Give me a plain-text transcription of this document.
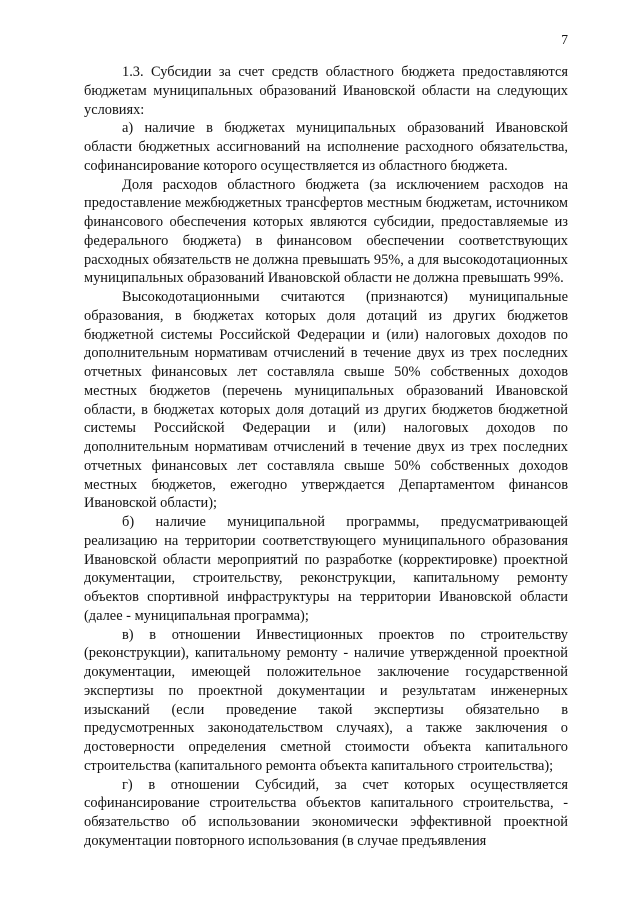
7

1.3. Субсидии за счет средств областного бюджета предоставляются бюджетам муниципальных образований Ивановской области на следующих условиях:

а) наличие в бюджетах муниципальных образований Ивановской области бюджетных ассигнований на исполнение расходного обязательства, софинансирование которого осуществляется из областного бюджета.

Доля расходов областного бюджета (за исключением расходов на предоставление межбюджетных трансфертов местным бюджетам, источником финансового обеспечения которых являются субсидии, предоставляемые из федерального бюджета) в финансовом обеспечении соответствующих расходных обязательств не должна превышать 95%, а для высокодотационных муниципальных образований Ивановской области не должна превышать 99%.

Высокодотационными считаются (признаются) муниципальные образования, в бюджетах которых доля дотаций из других бюджетов бюджетной системы Российской Федерации и (или) налоговых доходов по дополнительным нормативам отчислений в течение двух из трех последних отчетных финансовых лет составляла свыше 50% собственных доходов местных бюджетов (перечень муниципальных образований Ивановской области, в бюджетах которых доля дотаций из других бюджетов бюджетной системы Российской Федерации и (или) налоговых доходов по дополнительным нормативам отчислений в течение двух из трех последних отчетных финансовых лет составляла свыше 50% собственных доходов местных бюджетов, ежегодно утверждается Департаментом финансов Ивановской области);

б) наличие муниципальной программы, предусматривающей реализацию на территории соответствующего муниципального образования Ивановской области мероприятий по разработке (корректировке) проектной документации, строительству, реконструкции, капитальному ремонту объектов спортивной инфраструктуры на территории Ивановской области (далее - муниципальная программа);

в) в отношении Инвестиционных проектов по строительству (реконструкции), капитальному ремонту - наличие утвержденной проектной документации, имеющей положительное заключение государственной экспертизы по проектной документации и результатам инженерных изысканий (если проведение такой экспертизы обязательно в предусмотренных законодательством случаях), а также заключения о достоверности определения сметной стоимости объекта капитального строительства (капитального ремонта объекта капитального строительства);

г) в отношении Субсидий, за счет которых осуществляется софинансирование строительства объектов капитального строительства, - обязательство об использовании экономически эффективной проектной документации повторного использования (в случае предъявления
